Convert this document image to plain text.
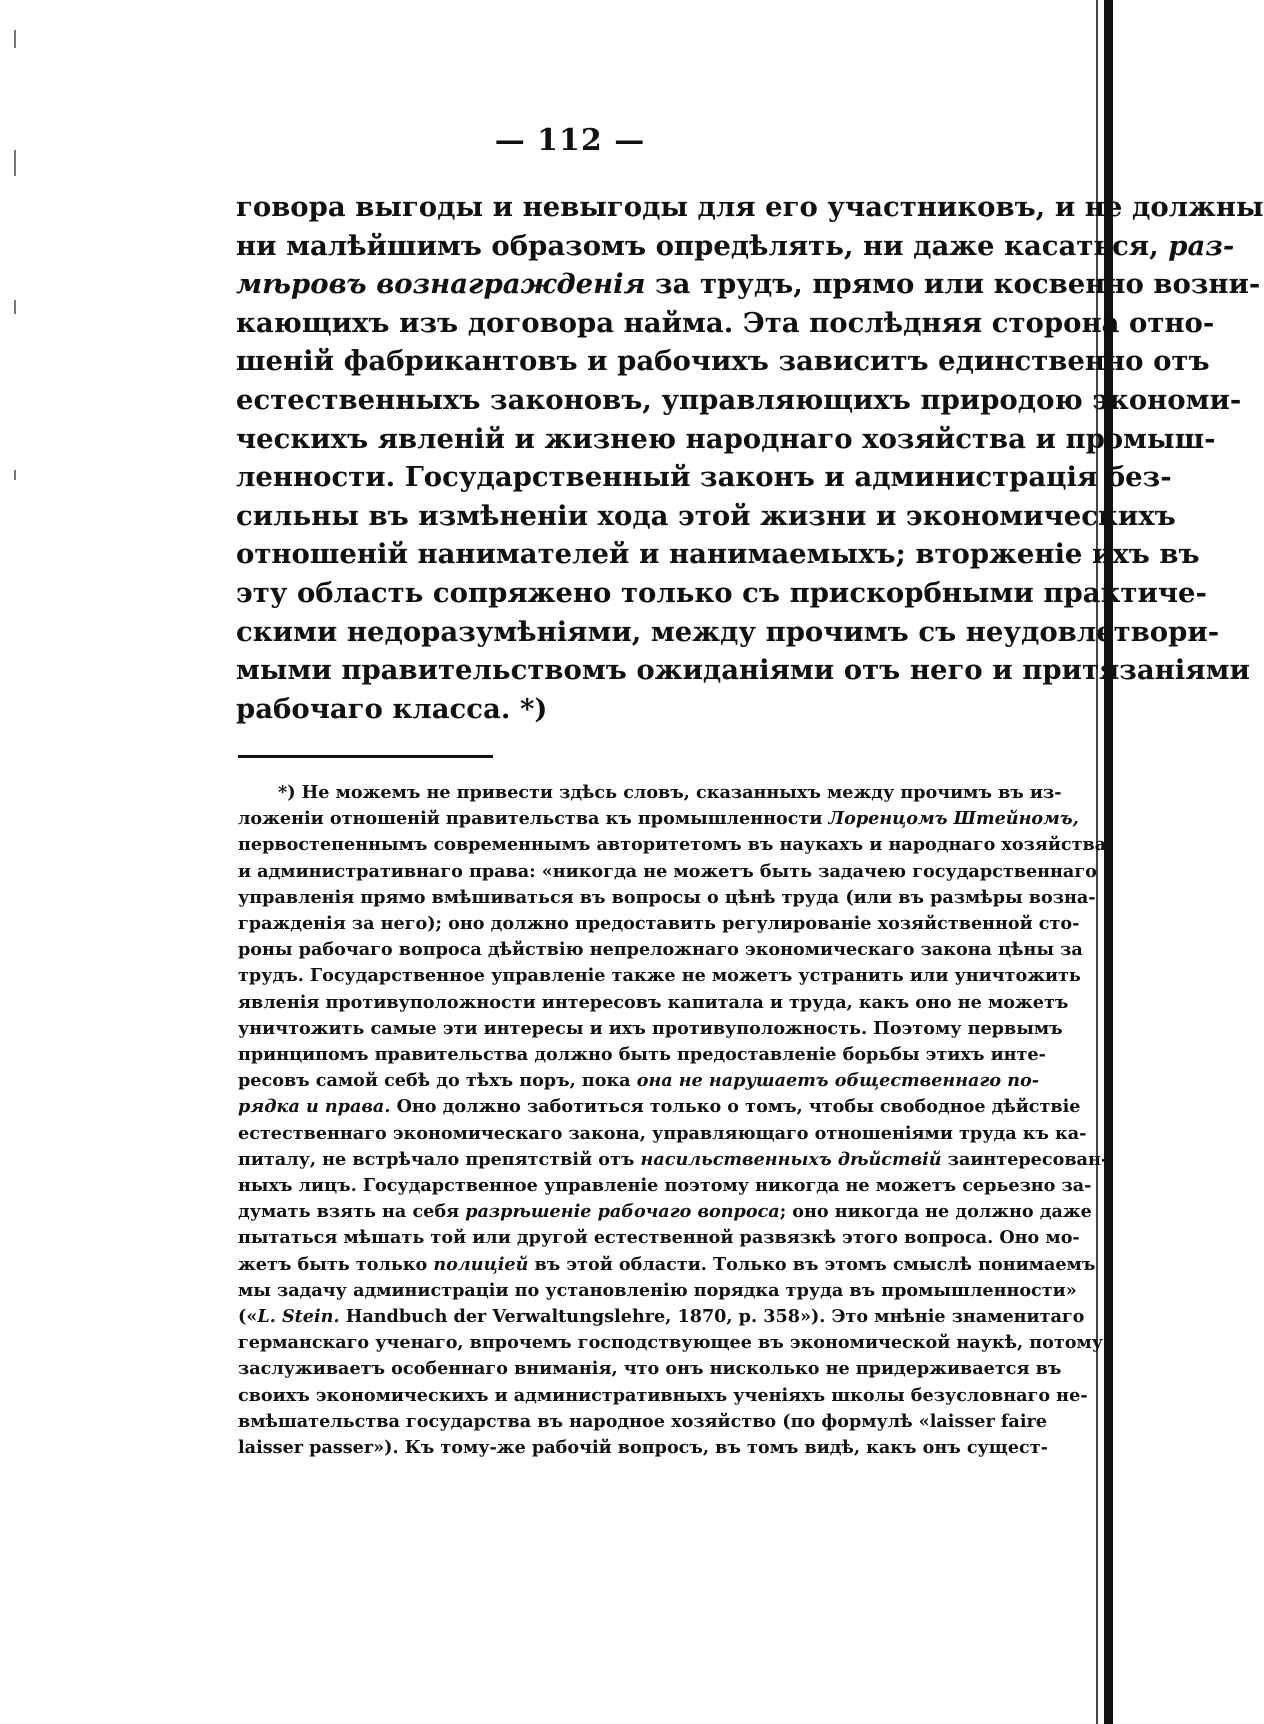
— 112 —
говора выгоды и невыгоды для его участниковъ, и не должны
ни малѣйшимъ образомъ опредѣлять, ни даже касаться, раз-
мѣровъ вознагражденія за трудъ, прямо или косвенно возни-
кающихъ изъ договора найма. Эта послѣдняя сторона отно-
шеній фабрикантовъ и рабочихъ зависитъ единственно отъ
естественныхъ законовъ, управляющихъ природою экономи-
ческихъ явленій и жизнею народнаго хозяйства и промыш-
ленности. Государственный законъ и администрація без-
сильны въ измѣненіи хода этой жизни и экономическихъ
отношеній нанимателей и нанимаемыхъ; вторженіе ихъ въ
эту область сопряжено только съ прискорбными практиче-
скими недоразумѣніями, между прочимъ съ неудовлетвори-
мыми правительствомъ ожиданіями отъ него и притязаніями
рабочаго класса. *)
*) Не можемъ не привести здѣсь словъ, сказанныхъ между прочимъ въ из-
ложеніи отношеній правительства къ промышленности Лоренцомъ Штейномъ,
первостепеннымъ современнымъ авторитетомъ въ наукахъ и народнаго хозяйства
и административнаго права: «никогда не можетъ быть задачею государственнаго
управленія прямо вмѣшиваться въ вопросы о цѣнѣ труда (или въ размѣры возна-
гражденія за него); оно должно предоставить регулированіе хозяйственной сто-
роны рабочаго вопроса дѣйствію непреложнаго экономическаго закона цѣны за
трудъ. Государственное управленіе также не можетъ устранить или уничтожить
явленія противуположности интересовъ капитала и труда, какъ оно не можетъ
уничтожить самые эти интересы и ихъ противуположность. Поэтому первымъ
принципомъ правительства должно быть предоставленіе борьбы этихъ инте-
ресовъ самой себѣ до тѣхъ поръ, пока она не нарушаетъ общественнаго по-
рядка и права. Оно должно заботиться только о томъ, чтобы свободное дѣйствіе
естественнаго экономическаго закона, управляющаго отношеніями труда къ ка-
питалу, не встрѣчало препятствій отъ насильственныхъ дѣйствій заинтересован-
ныхъ лицъ. Государственное управленіе поэтому никогда не можетъ серьезно за-
думать взять на себя разрѣшеніе рабочаго вопроса; оно никогда не должно даже
пытаться мѣшать той или другой естественной развязкѣ этого вопроса. Оно мо-
жетъ быть только полиціей въ этой области. Только въ этомъ смыслѣ понимаемъ
мы задачу администраціи по установленію порядка труда въ промышленности»
(«L. Stein. Handbuch der Verwaltungslehre, 1870, p. 358»). Это мнѣніе знаменитаго
германскаго ученаго, впрочемъ господствующее въ экономической наукѣ, потому
заслуживаетъ особеннаго вниманія, что онъ нисколько не придерживается въ
своихъ экономическихъ и административныхъ ученіяхъ школы безусловнаго не-
вмѣшательства государства въ народное хозяйство (по формулѣ «laisser faire
laisser passer»). Къ тому-же рабочій вопросъ, въ томъ видѣ, какъ онъ сущест-
